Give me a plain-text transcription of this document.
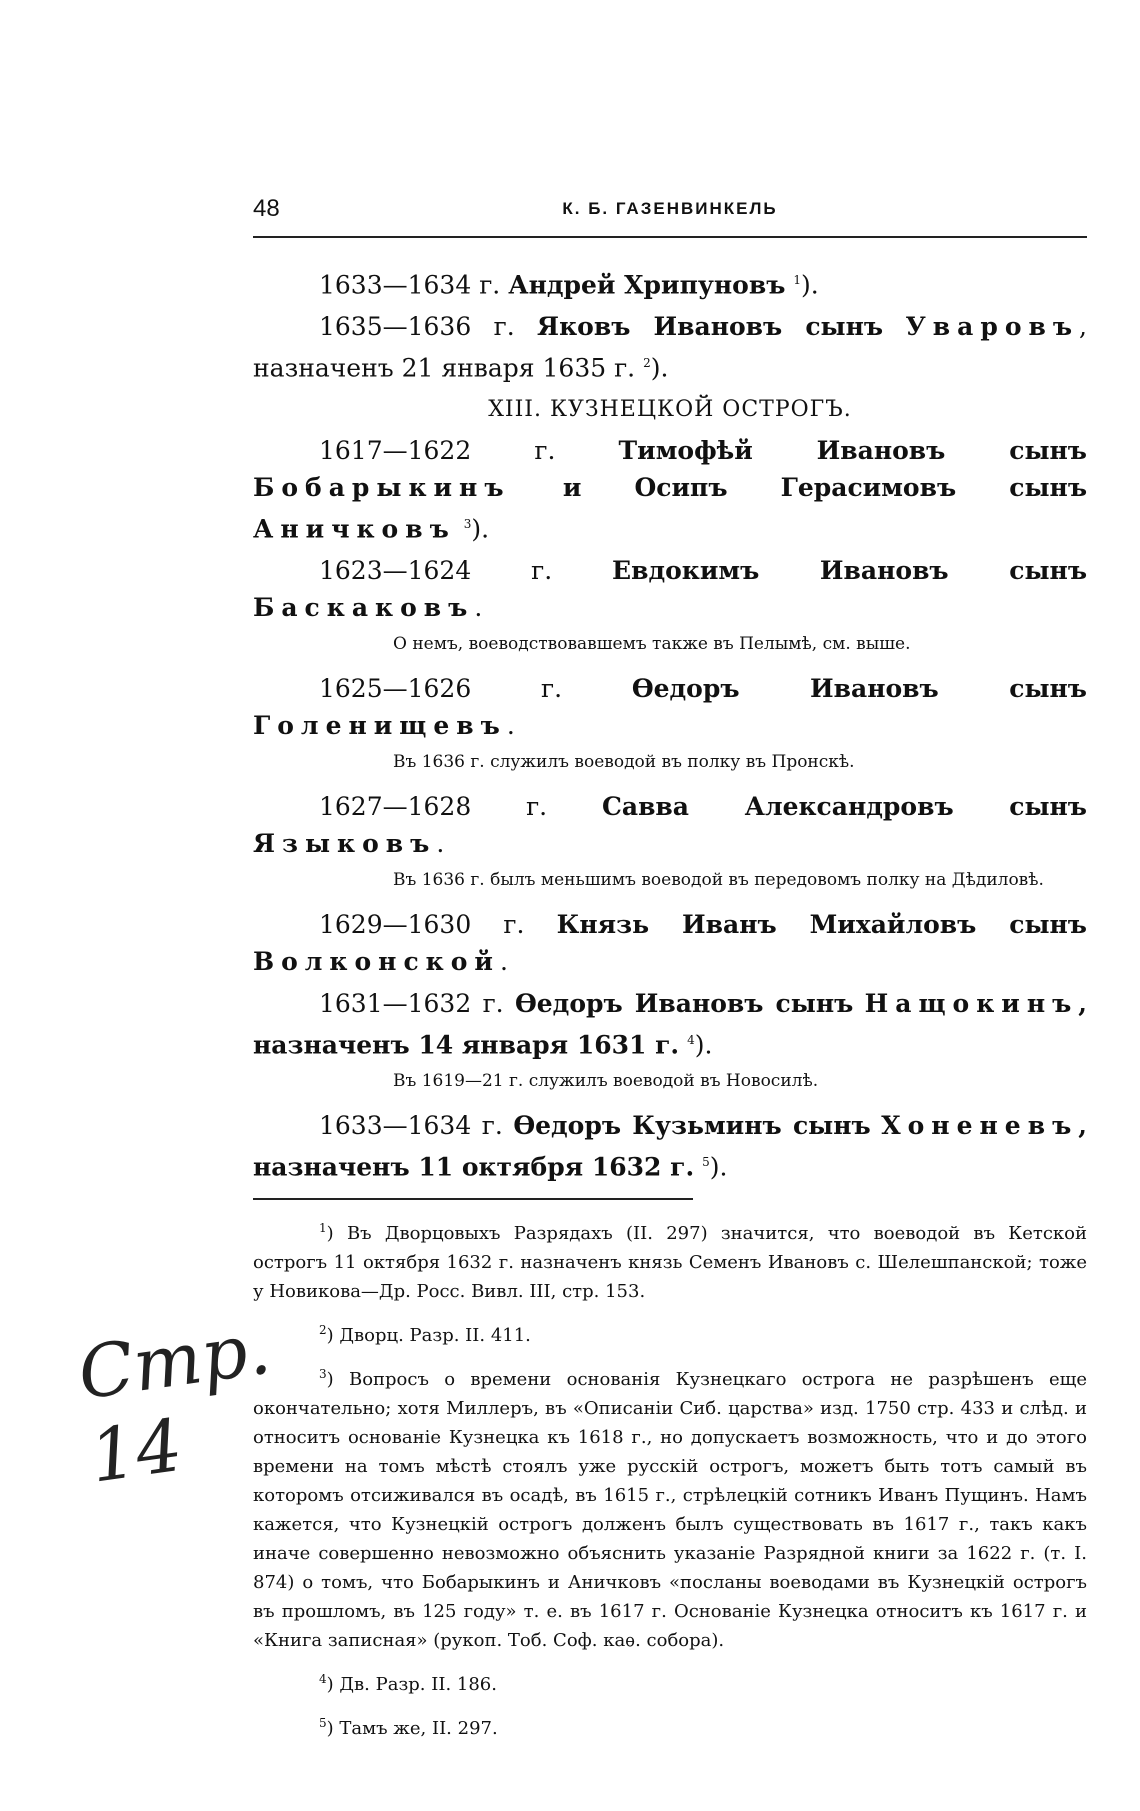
48	К. Б. ГАЗЕНВИНКЕЛЬ

1633—1634 г. Андрей Хрипуновъ $^1$).

1635—1636 г. Яковъ Ивановъ сынъ Уваровъ, назначенъ 21 января 1635 г. $^2$).

XIII. КУЗНЕЦКОЙ ОСТРОГЪ.

1617—1622 г.	Тимофѣй Ивановъ сынъ Бобарыкинъ и Осипъ Герасимовъ сынъ Аничковъ $^3$).

1623—1624 г. Евдокимъ Ивановъ сынъ Баскаковъ.

О немъ, воеводствовавшемъ также въ Пелымѣ, см. выше.

1625—1626 г.	Ѳедоръ Ивановъ сынъ Голенищевъ.

Въ 1636 г. служилъ воеводой въ полку въ Пронскѣ.

1627—1628 г. Савва Александровъ сынъ Языковъ.

Въ 1636 г. былъ меньшимъ воеводой въ передовомъ полку на Дѣдиловѣ.

1629—1630 г. Князь Иванъ Михайловъ сынъ Волконской.

1631—1632 г. Ѳедоръ Ивановъ сынъ Нащокинъ, назначенъ 14 января 1631 г. $^4$).

Въ 1619—21 г. служилъ воеводой въ Новосилѣ.

1633—1634 г. Ѳедоръ Кузьминъ сынъ Хоненевъ, назначенъ 11 октября 1632 г. $^5$).

$^1$) Въ Дворцовыхъ Разрядахъ (II. 297) значится, что воеводой въ Кетской острогъ 11 октября 1632 г. назначенъ князь Семенъ Ивановъ с. Шелешпанской; тоже у Новикова—Др. Росс. Вивл. III, стр. 153.

$^2$) Дворц. Разр. II. 411.

$^3$) Вопросъ о времени основанія Кузнецкаго острога не разрѣшенъ еще окончательно; хотя Миллеръ, въ «Описаніи Сиб. царства» изд. 1750 стр. 433 и слѣд. и относитъ основаніе Кузнецка къ 1618 г., но допускаетъ возможность, что и до этого времени на томъ мѣстѣ стоялъ уже русскій острогъ, можетъ быть тотъ самый въ которомъ отсиживался въ осадѣ, въ 1615 г., стрѣлецкій сотникъ Иванъ Пущинъ. Намъ кажется, что Кузнецкій острогъ долженъ былъ существовать въ 1617 г., такъ какъ иначе совершенно невозможно объяснить указаніе Разрядной книги за 1622 г. (т. I. 874) о томъ, что Бобарыкинъ и Аничковъ «посланы воеводами въ Кузнецкій острогъ въ прошломъ, въ 125 году» т. е. въ 1617 г. Основаніе Кузнецка относитъ къ 1617 г. и «Книга записная» (рукоп. Тоб. Соф. каѳ. собора).

$^4$) Дв. Разр. II. 186.

$^5$) Тамъ же, II. 297.

Стр. 14
